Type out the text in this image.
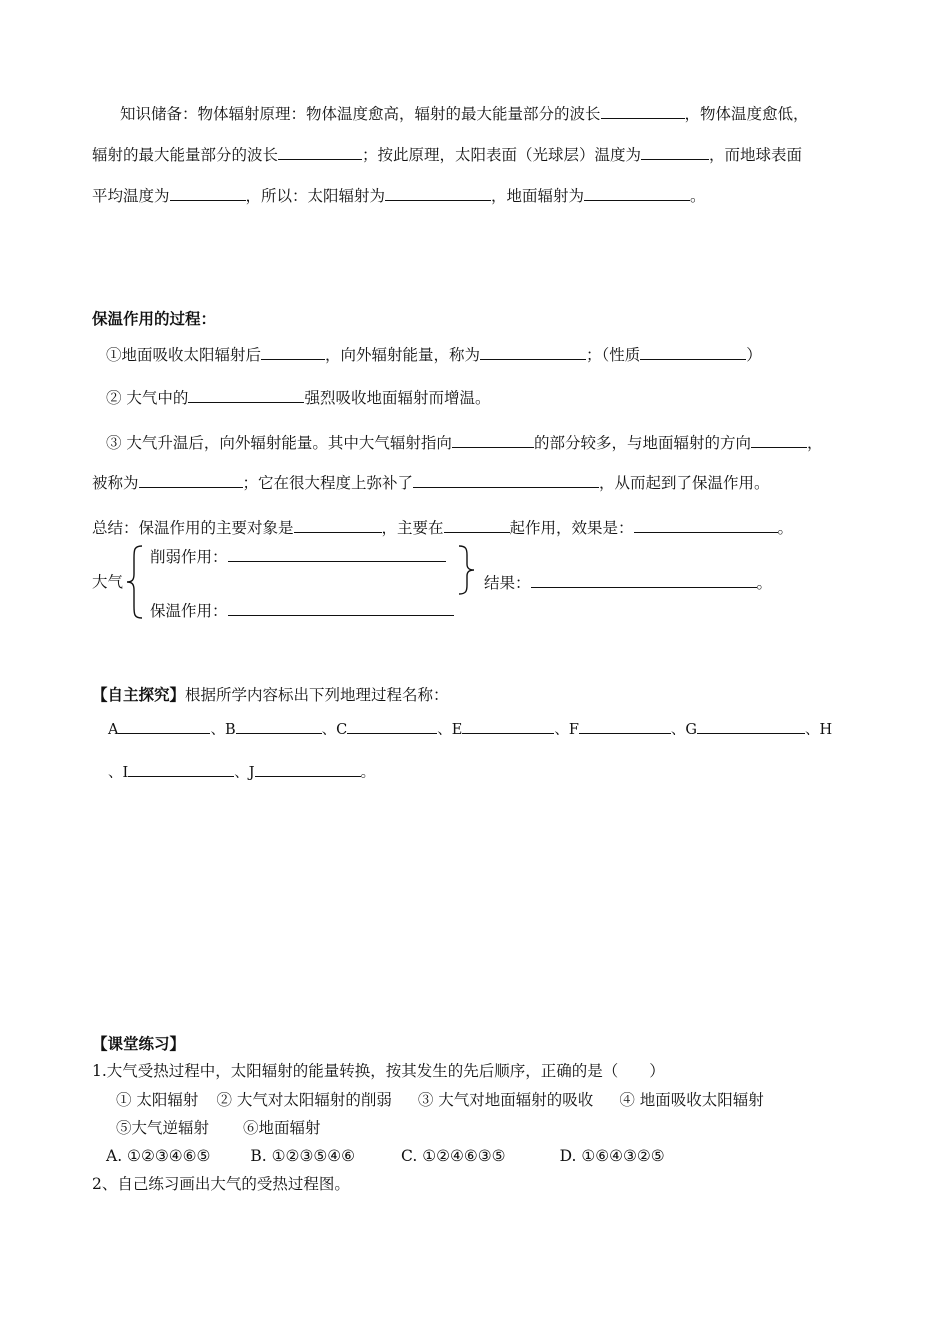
知识储备：物体辐射原理：物体温度愈高，辐射的最大能量部分的波长	，物体温度愈低，
辐射的最大能量部分的波长	；按此原理，太阳表面（光球层）温度为	，而地球表面
平均温度为	，所以：太阳辐射为	，地面辐射为	。
保温作用的过程：
①地面吸收太阳辐射后	，向外辐射能量，称为	；（性质	）
② 大气中的	强烈吸收地面辐射而增温。
③ 大气升温后，向外辐射能量。其中大气辐射指向	的部分较多，与地面辐射的方向	，
被称为	；它在很大程度上弥补了	，从而起到了保温作用。
总结：保温作用的主要对象是	，主要在	起作用，效果是：	。
削弱作用：
大气	结果：	。
保温作用：
【自主探究】根据所学内容标出下列地理过程名称：
A	、B	、C	、E	、F	、G	、H
、I	、J	。
【课堂练习】
1.大气受热过程中，太阳辐射的能量转换，按其发生的先后顺序，正确的是（　　）
① 太阳辐射 ② 大气对太阳辐射的削弱 ③ 大气对地面辐射的吸收 ④ 地面吸收太阳辐射
⑤大气逆辐射 ⑥地面辐射
A. ①②③④⑥⑤	B. ①②③⑤④⑥	C. ①②④⑥③⑤	D. ①⑥④③②⑤
2、自己练习画出大气的受热过程图。
